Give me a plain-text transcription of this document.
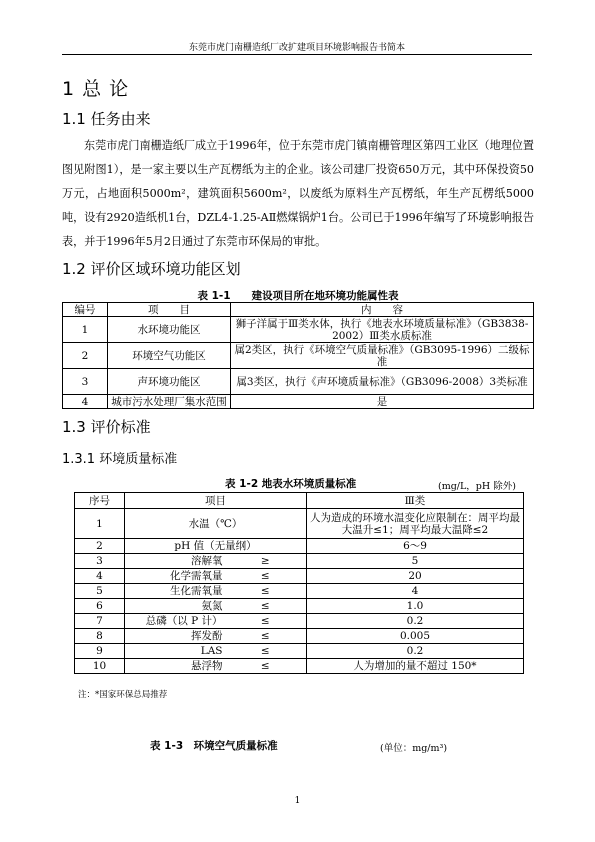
东莞市虎门南栅造纸厂改扩建项目环境影响报告书简本
1 总 论
1.1 任务由来
东莞市虎门南栅造纸厂成立于1996年，位于东莞市虎门镇南栅管理区第四工业区（地理位置图见附图1），是一家主要以生产瓦楞纸为主的企业。该公司建厂投资650万元，其中环保投资50万元，占地面积5000m²，建筑面积5600m²，以废纸为原料生产瓦楞纸，年生产瓦楞纸5000吨，设有2920造纸机1台，DZL4-1.25-AⅡ燃煤锅炉1台。公司已于1996年编写了环境影响报告表，并于1996年5月2日通过了东莞市环保局的审批。
1.2 评价区域环境功能区划
表 1-1　　建设项目所在地环境功能属性表
编号	项　　目	内　　容
1	水环境功能区	狮子洋属于Ⅲ类水体，执行《地表水环境质量标准》（GB3838-2002）Ⅲ类水质标准
2	环境空气功能区	属2类区，执行《环境空气质量标准》（GB3095-1996）二级标准
3	声环境功能区	属3类区，执行《声环境质量标准》（GB3096-2008）3类标准
4	城市污水处理厂集水范围	是
1.3 评价标准
1.3.1 环境质量标准
表 1-2 地表水环境质量标准	(mg/L，pH 除外)
序号	项目		Ⅲ类
1	水温（℃）		人为造成的环境水温变化应限制在：周平均最大温升≤1；周平均最大温降≤2
2	pH 值（无量纲）		6～9
3	溶解氧	≥	5
4	化学需氧量	≤	20
5	生化需氧量	≤	4
6	氨氮	≤	1.0
7	总磷（以 P 计）	≤	0.2
8	挥发酚	≤	0.005
9	LAS	≤	0.2
10	悬浮物	≤	人为增加的量不超过 150*
注：*国家环保总局推荐
表 1-3　环境空气质量标准	(单位：mg/m³)
1
